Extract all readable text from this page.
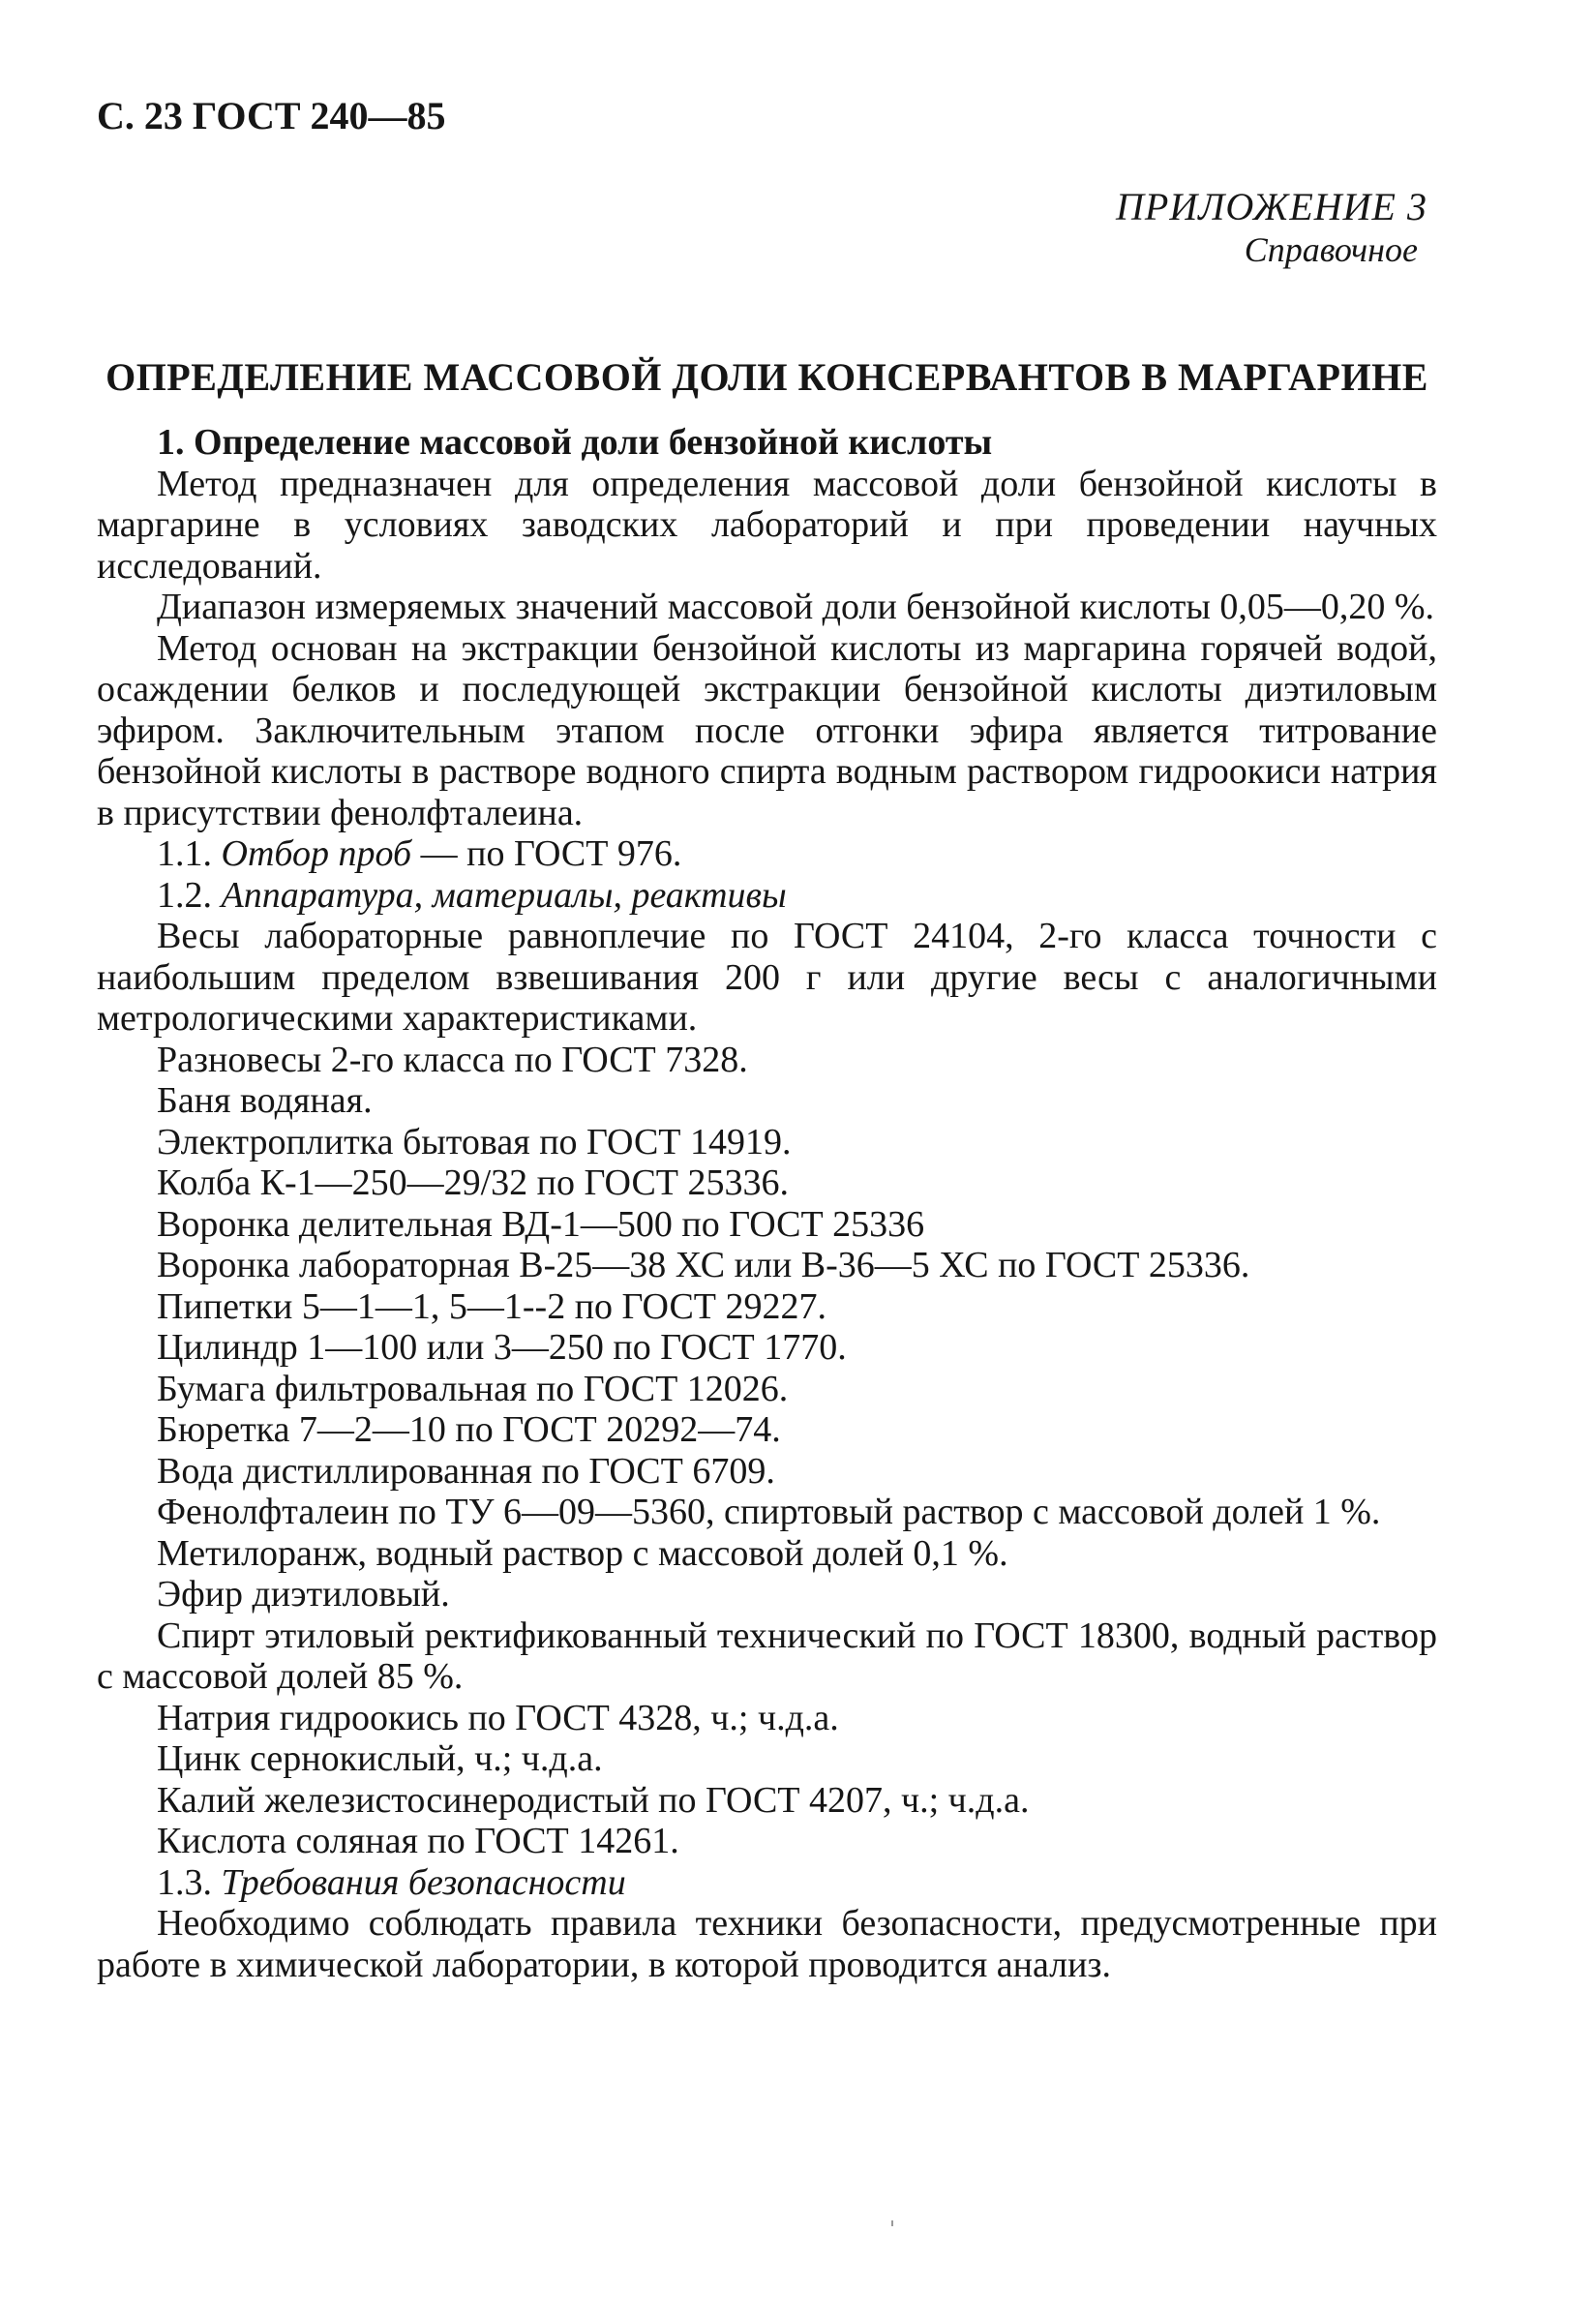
С. 23 ГОСТ 240—85
ПРИЛОЖЕНИЕ 3
Справочное
ОПРЕДЕЛЕНИЕ МАССОВОЙ ДОЛИ КОНСЕРВАНТОВ В МАРГАРИНЕ

1. Определение массовой доли бензойной кислоты

Метод предназначен для определения массовой доли бензойной кислоты в маргарине в условиях заводских лабораторий и при проведении научных исследований.

Диапазон измеряемых значений массовой доли бензойной кислоты 0,05—0,20 %.

Метод основан на экстракции бензойной кислоты из маргарина горячей водой, осаждении белков и последующей экстракции бензойной кислоты диэтиловым эфиром. Заключительным этапом после отгонки эфира является титрование бензойной кислоты в растворе водного спирта водным раствором гидроокиси натрия в присутствии фенолфталеина.

1.1. Отбор проб — по ГОСТ 976.

1.2. Аппаратура, материалы, реактивы

Весы лабораторные равноплечие по ГОСТ 24104, 2-го класса точности с наибольшим пределом взвешивания 200 г или другие весы с аналогичными метрологическими характеристиками.

Разновесы 2-го класса по ГОСТ 7328.

Баня водяная.

Электроплитка бытовая по ГОСТ 14919.

Колба К-1—250—29/32 по ГОСТ 25336.

Воронка делительная ВД-1—500 по ГОСТ 25336

Воронка лабораторная В-25—38 ХС или В-36—5 ХС по ГОСТ 25336.

Пипетки 5—1—1, 5—1--2 по ГОСТ 29227.

Цилиндр 1—100 или 3—250 по ГОСТ 1770.

Бумага фильтровальная по ГОСТ 12026.

Бюретка 7—2—10 по ГОСТ 20292—74.

Вода дистиллированная по ГОСТ 6709.

Фенолфталеин по ТУ 6—09—5360, спиртовый раствор с массовой долей 1 %.

Метилоранж, водный раствор с массовой долей 0,1 %.

Эфир диэтиловый.

Спирт этиловый ректификованный технический по ГОСТ 18300, водный раствор с массовой долей 85 %.

Натрия гидроокись по ГОСТ 4328, ч.; ч.д.а.

Цинк сернокислый, ч.; ч.д.а.

Калий железистосинеродистый по ГОСТ 4207, ч.; ч.д.а.

Кислота соляная по ГОСТ 14261.

1.3. Требования безопасности

Необходимо соблюдать правила техники безопасности, предусмотренные при работе в химической лаборатории, в которой проводится анализ.
